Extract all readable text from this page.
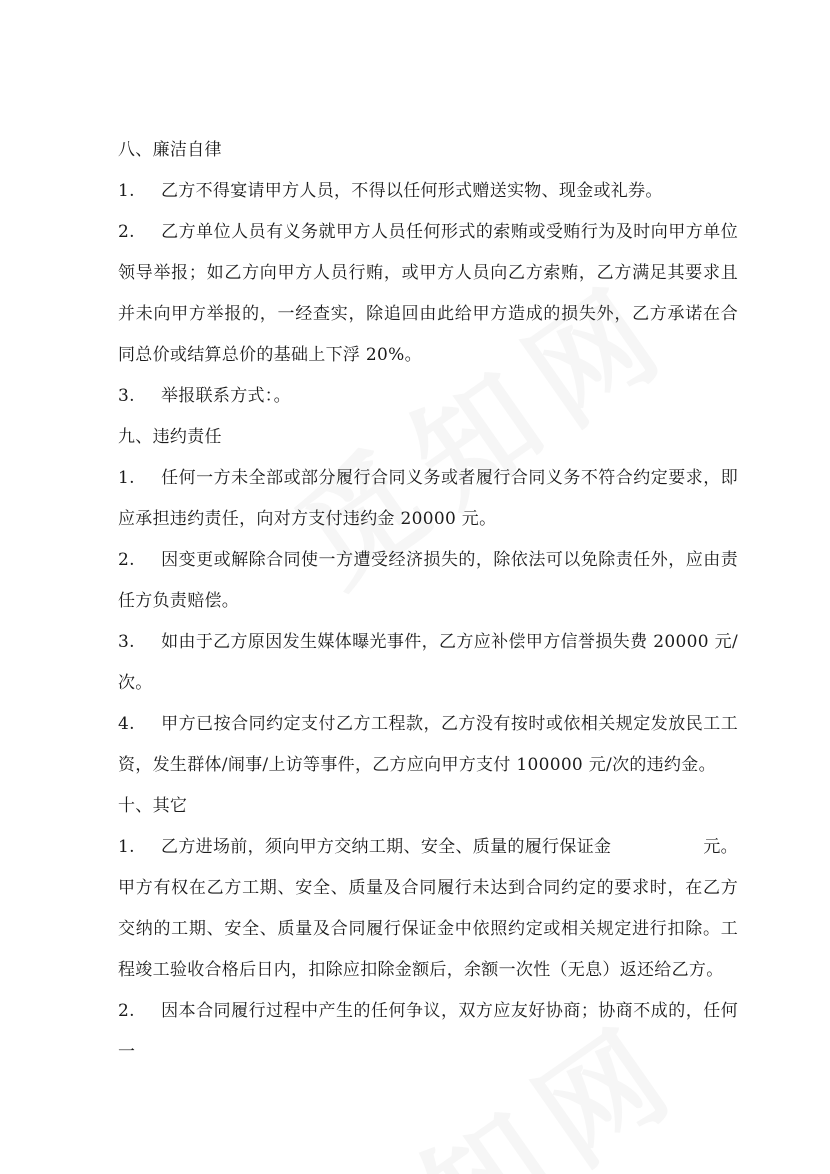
八、廉洁自律

1. 乙方不得宴请甲方人员，不得以任何形式赠送实物、现金或礼券。

2. 乙方单位人员有义务就甲方人员任何形式的索贿或受贿行为及时向甲方单位领导举报；如乙方向甲方人员行贿，或甲方人员向乙方索贿，乙方满足其要求且并未向甲方举报的，一经查实，除追回由此给甲方造成的损失外，乙方承诺在合同总价或结算总价的基础上下浮 20%。

3. 举报联系方式：。

九、违约责任

1. 任何一方未全部或部分履行合同义务或者履行合同义务不符合约定要求，即应承担违约责任，向对方支付违约金 20000 元。

2. 因变更或解除合同使一方遭受经济损失的，除依法可以免除责任外，应由责任方负责赔偿。

3. 如由于乙方原因发生媒体曝光事件，乙方应补偿甲方信誉损失费 20000 元/次。

4. 甲方已按合同约定支付乙方工程款，乙方没有按时或依相关规定发放民工工资，发生群体/闹事/上访等事件，乙方应向甲方支付 100000 元/次的违约金。

十、其它

1. 乙方进场前，须向甲方交纳工期、安全、质量的履行保证金	元。甲方有权在乙方工期、安全、质量及合同履行未达到合同约定的要求时，在乙方交纳的工期、安全、质量及合同履行保证金中依照约定或相关规定进行扣除。工程竣工验收合格后日内，扣除应扣除金额后，余额一次性（无息）返还给乙方。

2. 因本合同履行过程中产生的任何争议，双方应友好协商；协商不成的，任何一
